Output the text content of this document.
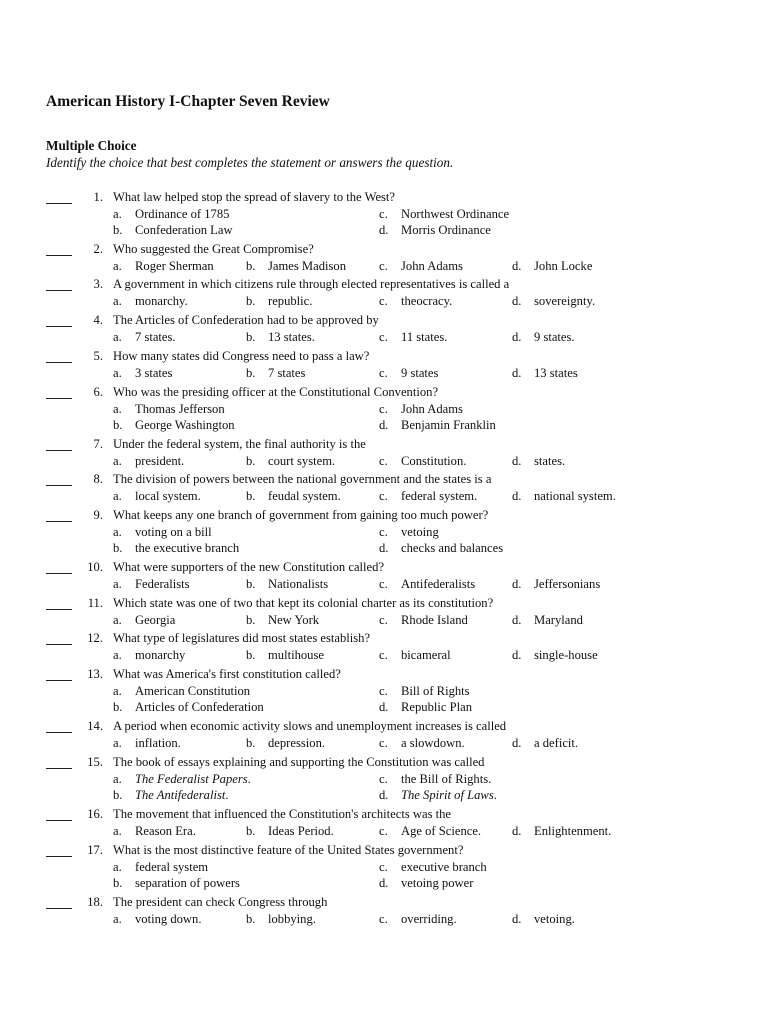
American History I-Chapter Seven Review
Multiple Choice
Identify the choice that best completes the statement or answers the question.
1. What law helped stop the spread of slavery to the West?
a. Ordinance of 1785
b. Confederation Law
c. Northwest Ordinance
d. Morris Ordinance
2. Who suggested the Great Compromise?
a. Roger Sherman	b. James Madison	c. John Adams	d. John Locke
3. A government in which citizens rule through elected representatives is called a
a. monarchy.	b. republic.	c. theocracy.	d. sovereignty.
4. The Articles of Confederation had to be approved by
a. 7 states.	b. 13 states.	c. 11 states.	d. 9 states.
5. How many states did Congress need to pass a law?
a. 3 states	b. 7 states	c. 9 states	d. 13 states
6. Who was the presiding officer at the Constitutional Convention?
a. Thomas Jefferson
b. George Washington
c. John Adams
d. Benjamin Franklin
7. Under the federal system, the final authority is the
a. president.	b. court system.	c. Constitution.	d. states.
8. The division of powers between the national government and the states is a
a. local system.	b. feudal system.	c. federal system.	d. national system.
9. What keeps any one branch of government from gaining too much power?
a. voting on a bill
b. the executive branch
c. vetoing
d. checks and balances
10. What were supporters of the new Constitution called?
a. Federalists	b. Nationalists	c. Antifederalists	d. Jeffersonians
11. Which state was one of two that kept its colonial charter as its constitution?
a. Georgia	b. New York	c. Rhode Island	d. Maryland
12. What type of legislatures did most states establish?
a. monarchy	b. multihouse	c. bicameral	d. single-house
13. What was America's first constitution called?
a. American Constitution
b. Articles of Confederation
c. Bill of Rights
d. Republic Plan
14. A period when economic activity slows and unemployment increases is called
a. inflation.	b. depression.	c. a slowdown.	d. a deficit.
15. The book of essays explaining and supporting the Constitution was called
a. The Federalist Papers.
b. The Antifederalist.
c. the Bill of Rights.
d. The Spirit of Laws.
16. The movement that influenced the Constitution's architects was the
a. Reason Era.	b. Ideas Period.	c. Age of Science. d. Enlightenment.
17. What is the most distinctive feature of the United States government?
a. federal system
b. separation of powers
c. executive branch
d. vetoing power
18. The president can check Congress through
a. voting down.	b. lobbying.	c. overriding.	d. vetoing.
